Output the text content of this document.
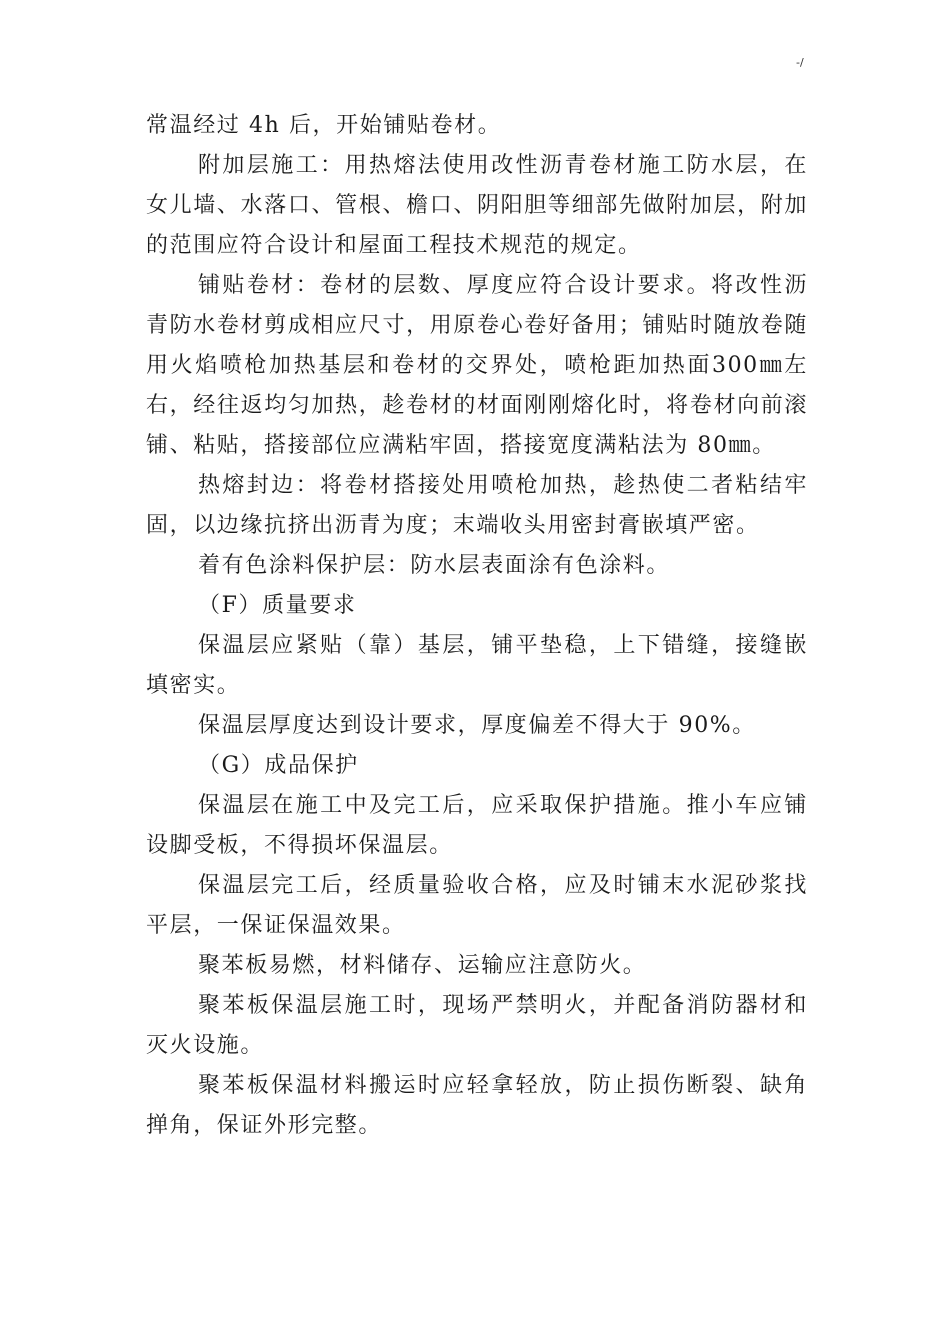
-/

常温经过 4h 后，开始铺贴卷材。

附加层施工：用热熔法使用改性沥青卷材施工防水层，在女儿墙、水落口、管根、檐口、阴阳胆等细部先做附加层，附加的范围应符合设计和屋面工程技术规范的规定。

铺贴卷材：卷材的层数、厚度应符合设计要求。将改性沥青防水卷材剪成相应尺寸，用原卷心卷好备用；铺贴时随放卷随用火焰喷枪加热基层和卷材的交界处，喷枪距加热面300㎜左右，经往返均匀加热，趁卷材的材面刚刚熔化时，将卷材向前滚铺、粘贴，搭接部位应满粘牢固，搭接宽度满粘法为 80㎜。

热熔封边：将卷材搭接处用喷枪加热，趁热使二者粘结牢固，以边缘抗挤出沥青为度；末端收头用密封膏嵌填严密。

着有色涂料保护层：防水层表面涂有色涂料。

（F）质量要求

保温层应紧贴（靠）基层，铺平垫稳，上下错缝，接缝嵌填密实。

保温层厚度达到设计要求，厚度偏差不得大于 90%。

（G）成品保护

保温层在施工中及完工后，应采取保护措施。推小车应铺设脚受板，不得损坏保温层。

保温层完工后，经质量验收合格，应及时铺末水泥砂浆找平层，一保证保温效果。

聚苯板易燃，材料储存、运输应注意防火。

聚苯板保温层施工时，现场严禁明火，并配备消防器材和灭火设施。

聚苯板保温材料搬运时应轻拿轻放，防止损伤断裂、缺角掸角，保证外形完整。
